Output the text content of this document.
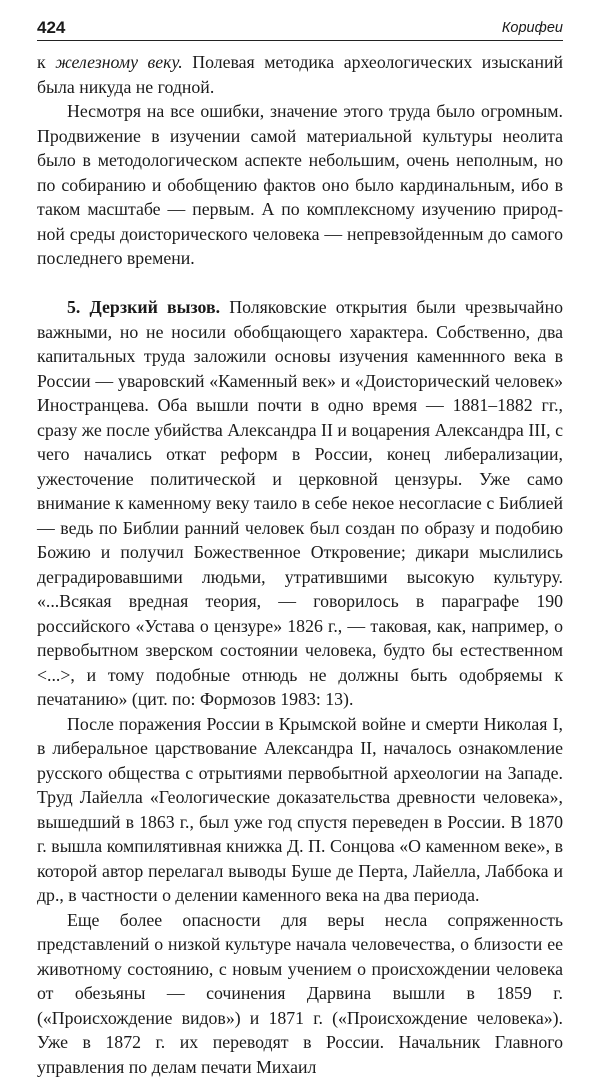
424	Корифеи

к железному веку. Полевая методика археологических изысканий была никуда не годной.

Несмотря на все ошибки, значение этого труда было огромным. Продвижение в изучении самой материальной культуры неолита было в методологическом аспекте небольшим, очень неполным, но по собиранию и обобщению фактов оно было кардинальным, ибо в таком масштабе — первым. А по комплексному изучению природной среды доисторического человека — непревзойденным до самого последнего времени.

5. Дерзкий вызов. Поляковские открытия были чрезвычайно важными, но не носили обобщающего характера. Собственно, два капитальных труда заложили основы изучения каменнного века в России — уваровский «Каменный век» и «Доисторический человек» Иностранцева. Оба вышли почти в одно время — 1881–1882 гг., сразу же после убийства Александра II и воцарения Александра III, с чего начались откат реформ в России, конец либерализации, ужесточение политической и церковной цензуры. Уже само внимание к каменному веку таило в себе некое несогласие с Библией — ведь по Библии ранний человек был создан по образу и подобию Божию и получил Божественное Откровение; дикари мыслились деградировавшими людьми, утратившими высокую культуру. «...Всякая вредная теория, — говорилось в параграфе 190 российского «Устава о цензуре» 1826 г., — таковая, как, например, о первобытном зверском состоянии человека, будто бы естественном <...>, и тому подобные отнюдь не должны быть одобряемы к печатанию» (цит. по: Формозов 1983: 13).

После поражения России в Крымской войне и смерти Николая I, в либеральное царствование Александра II, началось ознакомление русского общества с отрытиями первобытной археологии на Западе. Труд Лайелла «Геологические доказательства древности человека», вышедший в 1863 г., был уже год спустя переведен в России. В 1870 г. вышла компилятивная книжка Д. П. Сонцова «О каменном веке», в которой автор перелагал выводы Буше де Перта, Лайелла, Лаббока и др., в частности о делении каменного века на два периода.

Еще более опасности для веры несла сопряженность представлений о низкой культуре начала человечества, о близости ее животному состоянию, с новым учением о происхождении человека от обезьяны — сочинения Дарвина вышли в 1859 г. («Происхождение видов») и 1871 г. («Происхождение человека»). Уже в 1872 г. их переводят в России. Начальник Главного управления по делам печати Михаил
